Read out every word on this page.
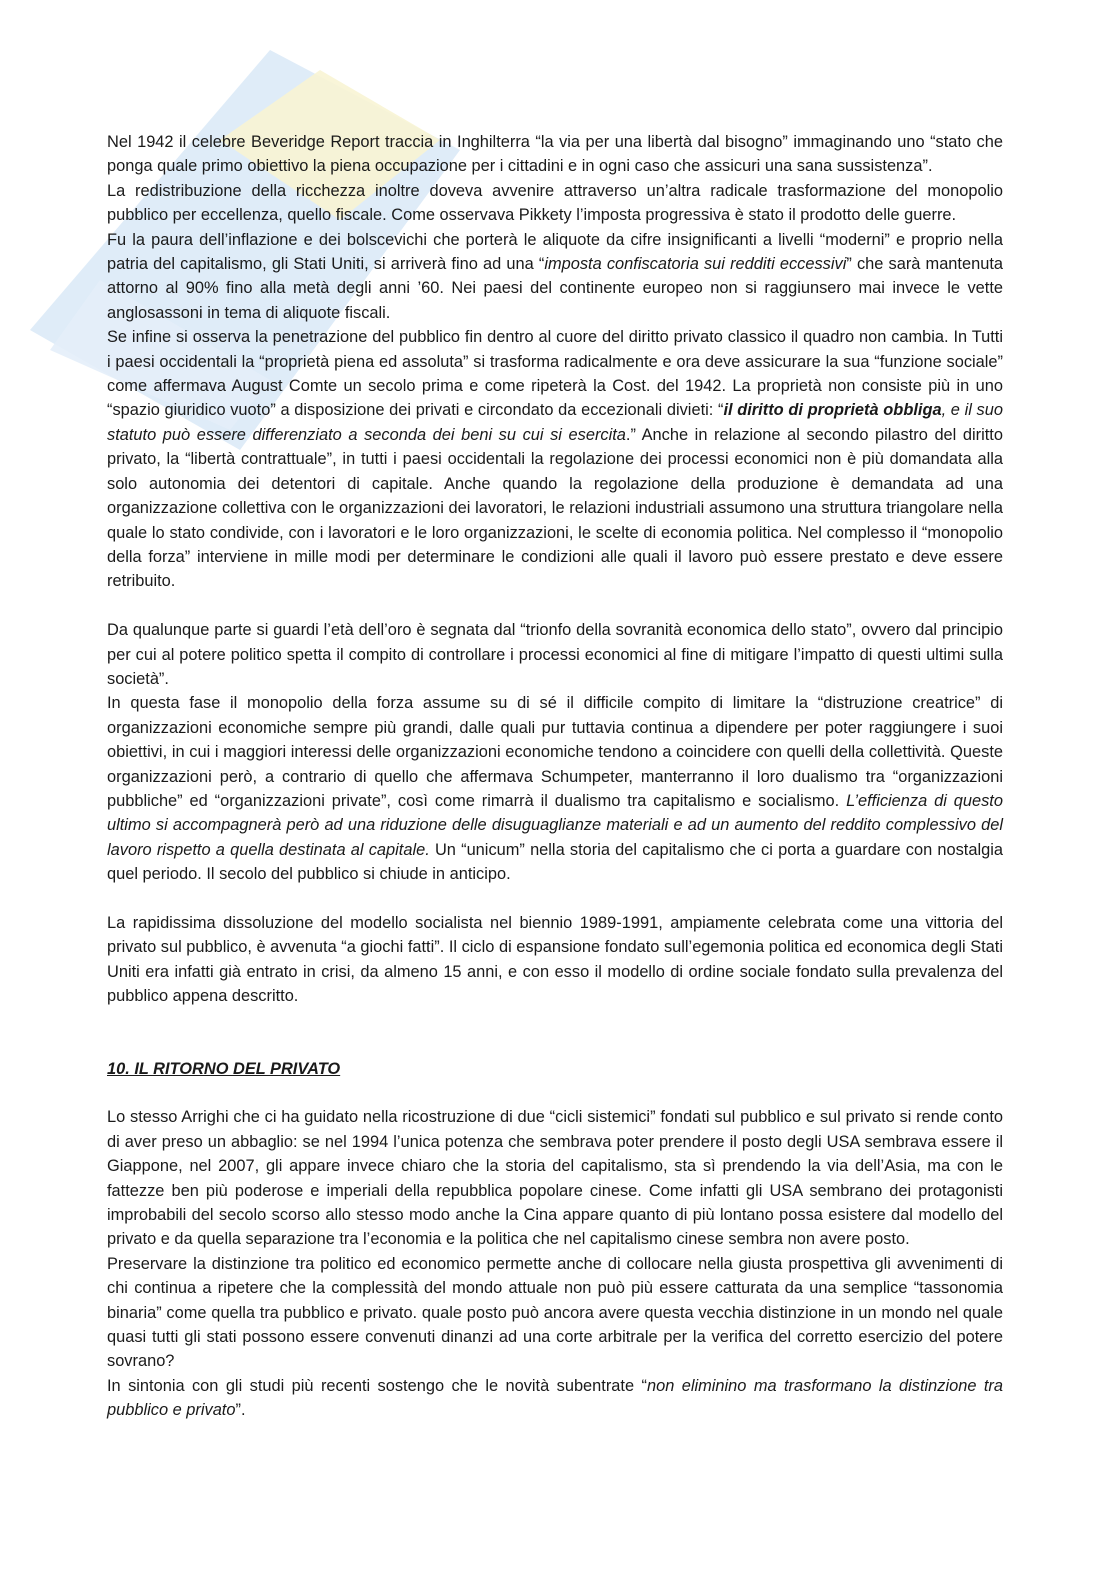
Nel 1942 il celebre Beveridge Report traccia in Inghilterra “la via per una libertà dal bisogno” immaginando uno “stato che ponga quale primo obiettivo la piena occupazione per i cittadini e in ogni caso che assicuri una sana sussistenza”.

La redistribuzione della ricchezza inoltre doveva avvenire attraverso un’altra radicale trasformazione del monopolio pubblico per eccellenza, quello fiscale. Come osservava Pikkety l’imposta progressiva è stato il prodotto delle guerre.

Fu la paura dell’inflazione e dei bolscevichi che porterà le aliquote da cifre insignificanti a livelli “moderni” e proprio nella patria del capitalismo, gli Stati Uniti, si arriverà fino ad una “imposta confiscatoria sui redditi eccessivi” che sarà mantenuta attorno al 90% fino alla metà degli anni ’60. Nei paesi del continente europeo non si raggiunsero mai invece le vette anglosassoni in tema di aliquote fiscali.

Se infine si osserva la penetrazione del pubblico fin dentro al cuore del diritto privato classico il quadro non cambia. In Tutti i paesi occidentali la “proprietà piena ed assoluta” si trasforma radicalmente e ora deve assicurare la sua “funzione sociale” come affermava August Comte un secolo prima e come ripeterà la Cost. del 1942. La proprietà non consiste più in uno “spazio giuridico vuoto” a disposizione dei privati e circondato da eccezionali divieti: “il diritto di proprietà obbliga, e il suo statuto può essere differenziato a seconda dei beni su cui si esercita.” Anche in relazione al secondo pilastro del diritto privato, la “libertà contrattuale”, in tutti i paesi occidentali la regolazione dei processi economici non è più domandata alla solo autonomia dei detentori di capitale. Anche quando la regolazione della produzione è demandata ad una organizzazione collettiva con le organizzazioni dei lavoratori, le relazioni industriali assumono una struttura triangolare nella quale lo stato condivide, con i lavoratori e le loro organizzazioni, le scelte di economia politica. Nel complesso il “monopolio della forza” interviene in mille modi per determinare le condizioni alle quali il lavoro può essere prestato e deve essere retribuito.

Da qualunque parte si guardi l’età dell’oro è segnata dal “trionfo della sovranità economica dello stato”, ovvero dal principio per cui al potere politico spetta il compito di controllare i processi economici al fine di mitigare l’impatto di questi ultimi sulla società”.

In questa fase il monopolio della forza assume su di sé il difficile compito di limitare la “distruzione creatrice” di organizzazioni economiche sempre più grandi, dalle quali pur tuttavia continua a dipendere per poter raggiungere i suoi obiettivi, in cui i maggiori interessi delle organizzazioni economiche tendono a coincidere con quelli della collettività. Queste organizzazioni però, a contrario di quello che affermava Schumpeter, manterranno il loro dualismo tra “organizzazioni pubbliche” ed “organizzazioni private”, così come rimarrà il dualismo tra capitalismo e socialismo. L’efficienza di questo ultimo si accompagnerà però ad una riduzione delle disuguaglianze materiali e ad un aumento del reddito complessivo del lavoro rispetto a quella destinata al capitale. Un “unicum” nella storia del capitalismo che ci porta a guardare con nostalgia quel periodo. Il secolo del pubblico si chiude in anticipo.

La rapidissima dissoluzione del modello socialista nel biennio 1989-1991, ampiamente celebrata come una vittoria del privato sul pubblico, è avvenuta “a giochi fatti”. Il ciclo di espansione fondato sull’egemonia politica ed economica degli Stati Uniti era infatti già entrato in crisi, da almeno 15 anni, e con esso il modello di ordine sociale fondato sulla prevalenza del pubblico appena descritto.

10. IL RITORNO DEL PRIVATO

Lo stesso Arrighi che ci ha guidato nella ricostruzione di due “cicli sistemici” fondati sul pubblico e sul privato si rende conto di aver preso un abbaglio: se nel 1994 l’unica potenza che sembrava poter prendere il posto degli USA sembrava essere il Giappone, nel 2007, gli appare invece chiaro che la storia del capitalismo, sta sì prendendo la via dell’Asia, ma con le fattezze ben più poderose e imperiali della repubblica popolare cinese. Come infatti gli USA sembrano dei protagonisti improbabili del secolo scorso allo stesso modo anche la Cina appare quanto di più lontano possa esistere dal modello del privato e da quella separazione tra l’economia e la politica che nel capitalismo cinese sembra non avere posto.

Preservare la distinzione tra politico ed economico permette anche di collocare nella giusta prospettiva gli avvenimenti di chi continua a ripetere che la complessità del mondo attuale non può più essere catturata da una semplice “tassonomia binaria” come quella tra pubblico e privato. quale posto può ancora avere questa vecchia distinzione in un mondo nel quale quasi tutti gli stati possono essere convenuti dinanzi ad una corte arbitrale per la verifica del corretto esercizio del potere sovrano?

In sintonia con gli studi più recenti sostengo che le novità subentrate “non eliminino ma trasformano la distinzione tra pubblico e privato”.
